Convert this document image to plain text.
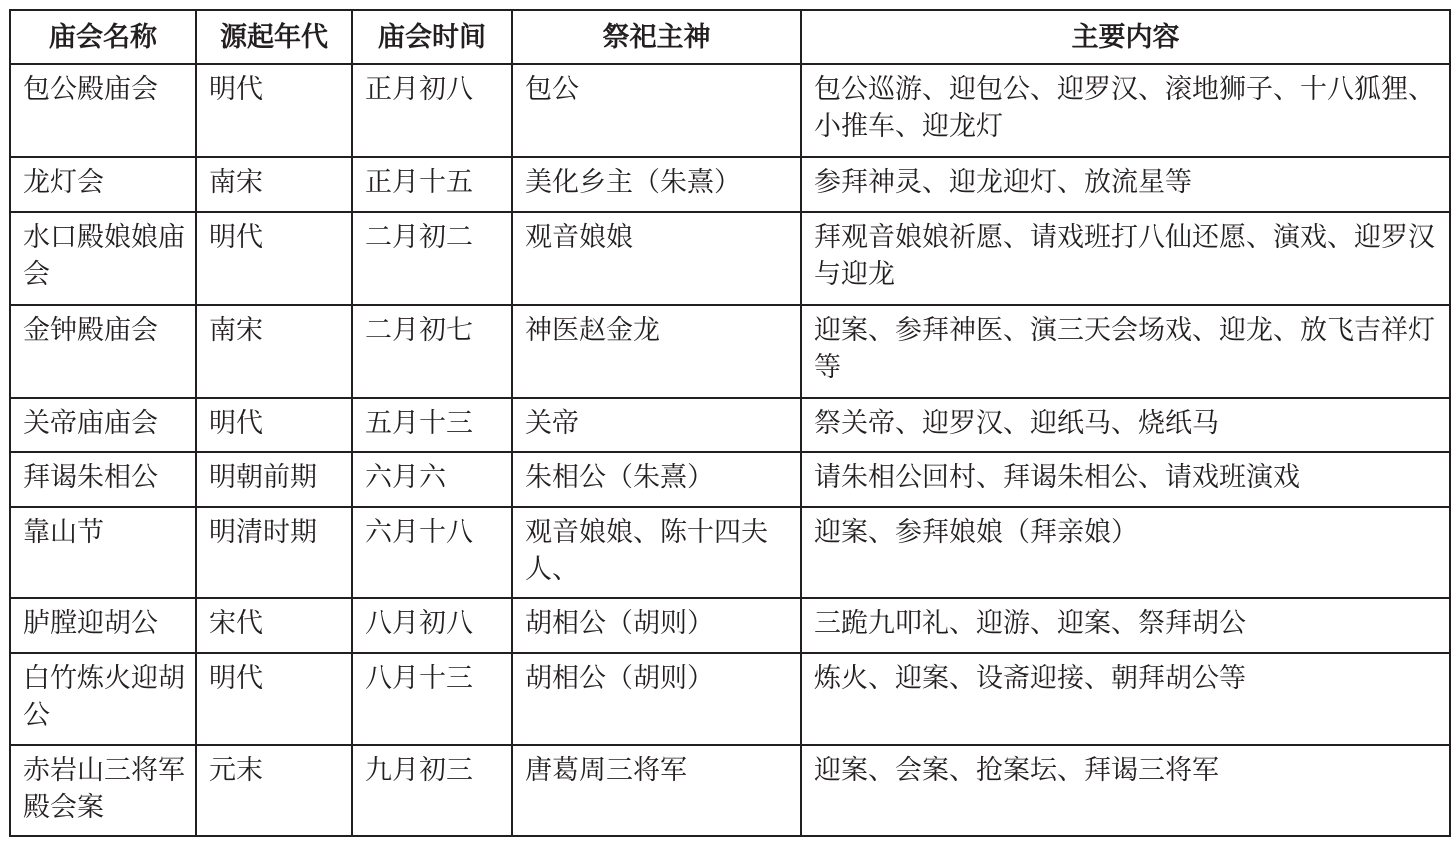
庙会名称	源起年代	庙会时间	祭祀主神	主要内容
包公殿庙会	明代	正月初八	包公	包公巡游、迎包公、迎罗汉、滚地狮子、十八狐狸、小推车、迎龙灯
龙灯会	南宋	正月十五	美化乡主（朱熹）	参拜神灵、迎龙迎灯、放流星等
水口殿娘娘庙会	明代	二月初二	观音娘娘	拜观音娘娘祈愿、请戏班打八仙还愿、演戏、迎罗汉与迎龙
金钟殿庙会	南宋	二月初七	神医赵金龙	迎案、参拜神医、演三天会场戏、迎龙、放飞吉祥灯等
关帝庙庙会	明代	五月十三	关帝	祭关帝、迎罗汉、迎纸马、烧纸马
拜谒朱相公	明朝前期	六月六	朱相公（朱熹）	请朱相公回村、拜谒朱相公、请戏班演戏
靠山节	明清时期	六月十八	观音娘娘、陈十四夫人、	迎案、参拜娘娘（拜亲娘）
胪膛迎胡公	宋代	八月初八	胡相公（胡则）	三跪九叩礼、迎游、迎案、祭拜胡公
白竹炼火迎胡公	明代	八月十三	胡相公（胡则）	炼火、迎案、设斋迎接、朝拜胡公等
赤岩山三将军殿会案	元末	九月初三	唐葛周三将军	迎案、会案、抢案坛、拜谒三将军
